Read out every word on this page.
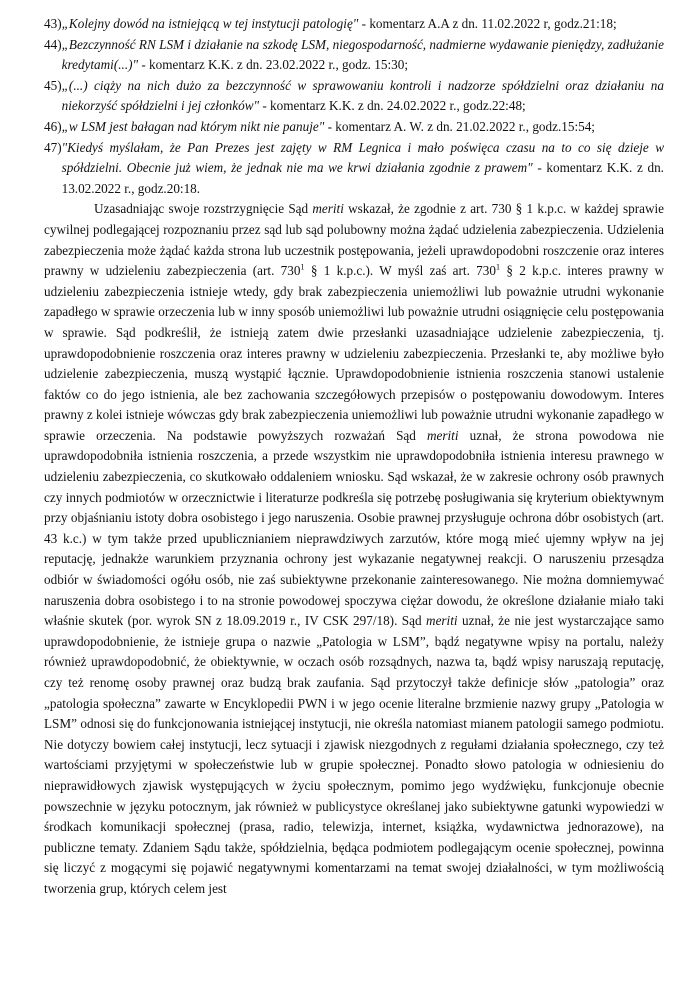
43) „Kolejny dowód na istniejącą w tej instytucji patologię" - komentarz A.A z dn. 11.02.2022 r, godz.21:18;
44) „Bezczynność RN LSM i działanie na szkodę LSM, niegospodarność, nadmierne wydawanie pieniędzy, zadłużanie kredytami(...)" - komentarz K.K. z dn. 23.02.2022 r., godz. 15:30;
45) „(...) ciąży na nich dużo za bezczynność w sprawowaniu kontroli i nadzorze spółdzielni oraz działaniu na niekorzyść spółdzielni i jej członków" - komentarz K.K. z dn. 24.02.2022 r., godz.22:48;
46) „w LSM jest bałagan nad którym nikt nie panuje" - komentarz A. W. z dn. 21.02.2022 r., godz.15:54;
47) "Kiedyś myślałam, że Pan Prezes jest zajęty w RM Legnica i mało poświęca czasu na to co się dzieje w spółdzielni. Obecnie już wiem, że jednak nie ma we krwi działania zgodnie z prawem" - komentarz K.K. z dn. 13.02.2022 r., godz.20:18.

Uzasadniając swoje rozstrzygnięcie Sąd meriti wskazał, że zgodnie z art. 730 § 1 k.p.c. w każdej sprawie cywilnej podlegającej rozpoznaniu przez sąd lub sąd polubowny można żądać udzielenia zabezpieczenia. Udzielenia zabezpieczenia może żądać każda strona lub uczestnik postępowania, jeżeli uprawdopodobni roszczenie oraz interes prawny w udzieleniu zabezpieczenia (art. $730^1$ § 1 k.p.c.). W myśl zaś art. $730^1$ § 2 k.p.c. interes prawny w udzieleniu zabezpieczenia istnieje wtedy, gdy brak zabezpieczenia uniemożliwi lub poważnie utrudni wykonanie zapadłego w sprawie orzeczenia lub w inny sposób uniemożliwi lub poważnie utrudni osiągnięcie celu postępowania w sprawie. Sąd podkreślił, że istnieją zatem dwie przesłanki uzasadniające udzielenie zabezpieczenia, tj. uprawdopodobnienie roszczenia oraz interes prawny w udzieleniu zabezpieczenia. Przesłanki te, aby możliwe było udzielenie zabezpieczenia, muszą wystąpić łącznie. Uprawdopodobnienie istnienia roszczenia stanowi ustalenie faktów co do jego istnienia, ale bez zachowania szczegółowych przepisów o postępowaniu dowodowym. Interes prawny z kolei istnieje wówczas gdy brak zabezpieczenia uniemożliwi lub poważnie utrudni wykonanie zapadłego w sprawie orzeczenia. Na podstawie powyższych rozważań Sąd meriti uznał, że strona powodowa nie uprawdopodobniła istnienia roszczenia, a przede wszystkim nie uprawdopodobniła istnienia interesu prawnego w udzieleniu zabezpieczenia, co skutkowało oddaleniem wniosku. Sąd wskazał, że w zakresie ochrony osób prawnych czy innych podmiotów w orzecznictwie i literaturze podkreśla się potrzebę posługiwania się kryterium obiektywnym przy objaśnianiu istoty dobra osobistego i jego naruszenia. Osobie prawnej przysługuje ochrona dóbr osobistych (art. 43 k.c.) w tym także przed upublicznianiem nieprawdziwych zarzutów, które mogą mieć ujemny wpływ na jej reputację, jednakże warunkiem przyznania ochrony jest wykazanie negatywnej reakcji. O naruszeniu przesądza odbiór w świadomości ogółu osób, nie zaś subiektywne przekonanie zainteresowanego. Nie można domniemywać naruszenia dobra osobistego i to na stronie powodowej spoczywa ciężar dowodu, że określone działanie miało taki właśnie skutek (por. wyrok SN z 18.09.2019 r., IV CSK 297/18). Sąd meriti uznał, że nie jest wystarczające samo uprawdopodobnienie, że istnieje grupa o nazwie „Patologia w LSM”, bądź negatywne wpisy na portalu, należy również uprawdopodobnić, że obiektywnie, w oczach osób rozsądnych, nazwa ta, bądź wpisy naruszają reputację, czy też renomę osoby prawnej oraz budzą brak zaufania. Sąd przytoczył także definicje słów „patologia” oraz „patologia społeczna” zawarte w Encyklopedii PWN i w jego ocenie literalne brzmienie nazwy grupy „Patologia w LSM” odnosi się do funkcjonowania istniejącej instytucji, nie określa natomiast mianem patologii samego podmiotu. Nie dotyczy bowiem całej instytucji, lecz sytuacji i zjawisk niezgodnych z regułami działania społecznego, czy też wartościami przyjętymi w społeczeństwie lub w grupie społecznej. Ponadto słowo patologia w odniesieniu do nieprawidłowych zjawisk występujących w życiu społecznym, pomimo jego wydźwięku, funkcjonuje obecnie powszechnie w języku potocznym, jak również w publicystyce określanej jako subiektywne gatunki wypowiedzi w środkach komunikacji społecznej (prasa, radio, telewizja, internet, książka, wydawnictwa jednorazowe), na publiczne tematy. Zdaniem Sądu także, spółdzielnia, będąca podmiotem podlegającym ocenie społecznej, powinna się liczyć z mogącymi się pojawić negatywnymi komentarzami na temat swojej działalności, w tym możliwością tworzenia grup, których celem jest
